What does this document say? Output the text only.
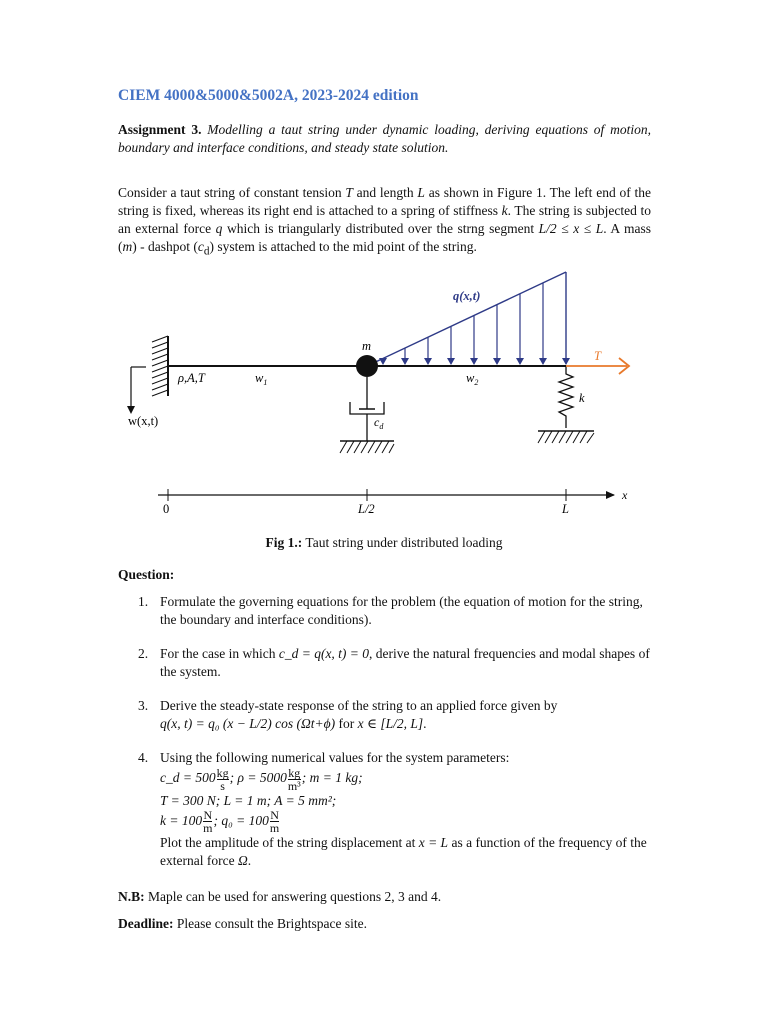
CIEM 4000&5000&5002A, 2023-2024 edition
Assignment 3. Modelling a taut string under dynamic loading, deriving equations of motion, boundary and interface conditions, and steady state solution.
Consider a taut string of constant tension T and length L as shown in Figure 1. The left end of the string is fixed, whereas its right end is attached to a spring of stiffness k. The string is subjected to an external force q which is triangularly distributed over the strng segment L/2 ≤ x ≤ L. A mass (m) - dashpot $(c_d)$ system is attached to the mid point of the string.
w(x,t)
ρ,A,T	$w_1$	$w_2$
q(x,t)
m
$c_d$
k
T
x
0	L/2	L
Fig 1.: Taut string under distributed loading
Question:
1. Formulate the governing equations for the problem (the equation of motion for the string, the boundary and interface conditions).
2. For the case in which c_d = q(x, t) = 0, derive the natural frequencies and modal shapes of the system.
3. Derive the steady-state response of the string to an applied force given by
q(x, t) = q₀ (x − L/2) cos (Ωt+ϕ) for x ∈ [L/2, L].
4. Using the following numerical values for the system parameters:
c_d = $500 \frac{kg}{s}$ ; $\rho = 5000 \frac{kg}{\text{m³}}$ ; m = 1 kg;
T = 300 N; L = 1 m; A = 5 mm²;
$k = 100 \frac{N}{m}$ ; $q_0 = 100 \frac{N}{m}$

Plot the amplitude of the string displacement at x = L as a function of the frequency of the external force Ω.
N.B: Maple can be used for answering questions 2, 3 and 4.
Deadline: Please consult the Brightspace site.
